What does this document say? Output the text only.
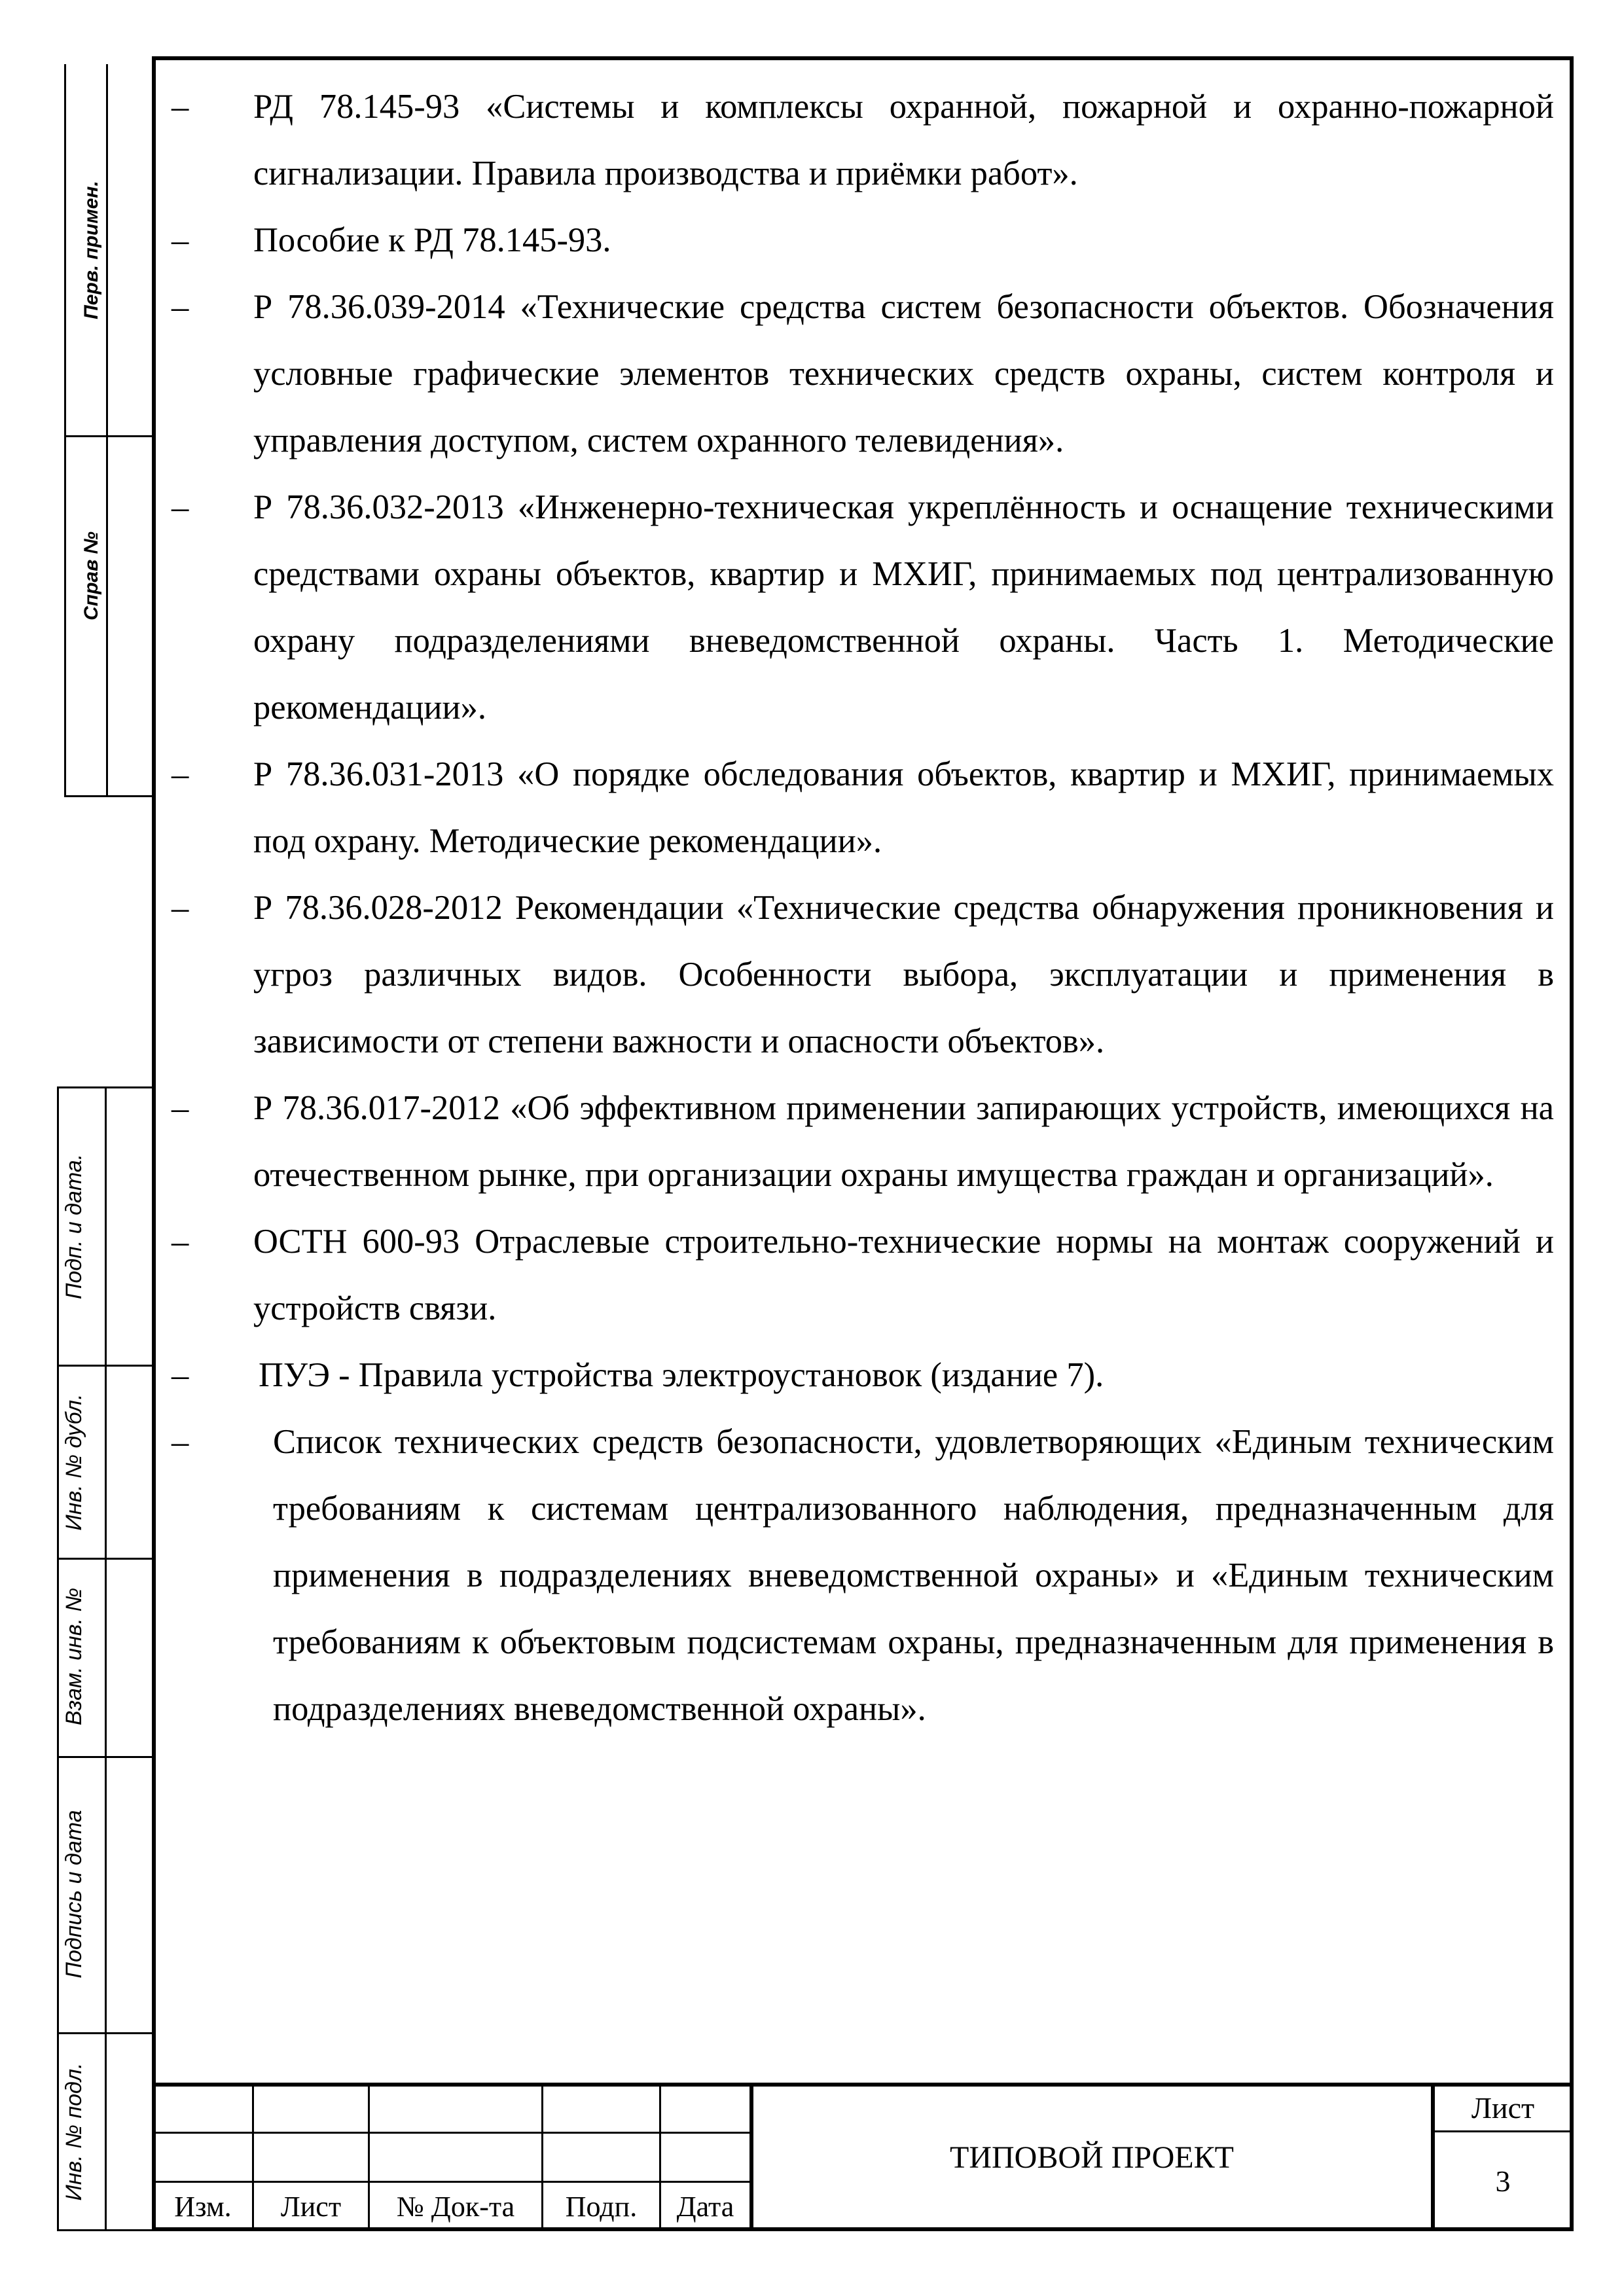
Перв. примен.
Справ №
Подп. и дата.
Инв. № дубл.
Взам. инв. №
Подпись и дата
Инв. № подл.
– РД 78.145-93 «Системы и комплексы охранной, пожарной и охранно-пожарной сигнализации. Правила производства и приёмки работ».

– Пособие к РД 78.145-93.

– Р 78.36.039-2014 «Технические средства систем безопасности объектов. Обозначения условные графические элементов технических средств охраны, систем контроля и управления доступом, систем охранного телевидения».

– Р 78.36.032-2013 «Инженерно-техническая укреплённость и оснащение техническими средствами охраны объектов, квартир и МХИГ, принимаемых под централизованную охрану подразделениями вневедомственной охраны. Часть 1. Методические рекомендации».

– Р 78.36.031-2013 «О порядке обследования объектов, квартир и МХИГ, принимаемых под охрану. Методические рекомендации».

– Р 78.36.028-2012 Рекомендации «Технические средства обнаружения проникновения и угроз различных видов. Особенности выбора, эксплуатации и применения в зависимости от степени важности и опасности объектов».

– Р 78.36.017-2012 «Об эффективном применении запирающих устройств, имеющихся на отечественном рынке, при организации охраны имущества граждан и организаций».

– ОСТН 600-93 Отраслевые строительно-технические нормы на монтаж сооружений и устройств связи.

– ПУЭ - Правила устройства электроустановок (издание 7).

– Список технических средств безопасности, удовлетворяющих «Единым техническим требованиям к системам централизованного наблюдения, предназначенным для применения в подразделениях вневедомственной охраны» и «Единым техническим требованиям к объектовым подсистемам охраны, предназначенным для применения в подразделениях вневедомственной охраны».

Изм.	Лист	№ Док-та	Подп.	Дата
ТИПОВОЙ ПРОЕКТ
Лист
3
